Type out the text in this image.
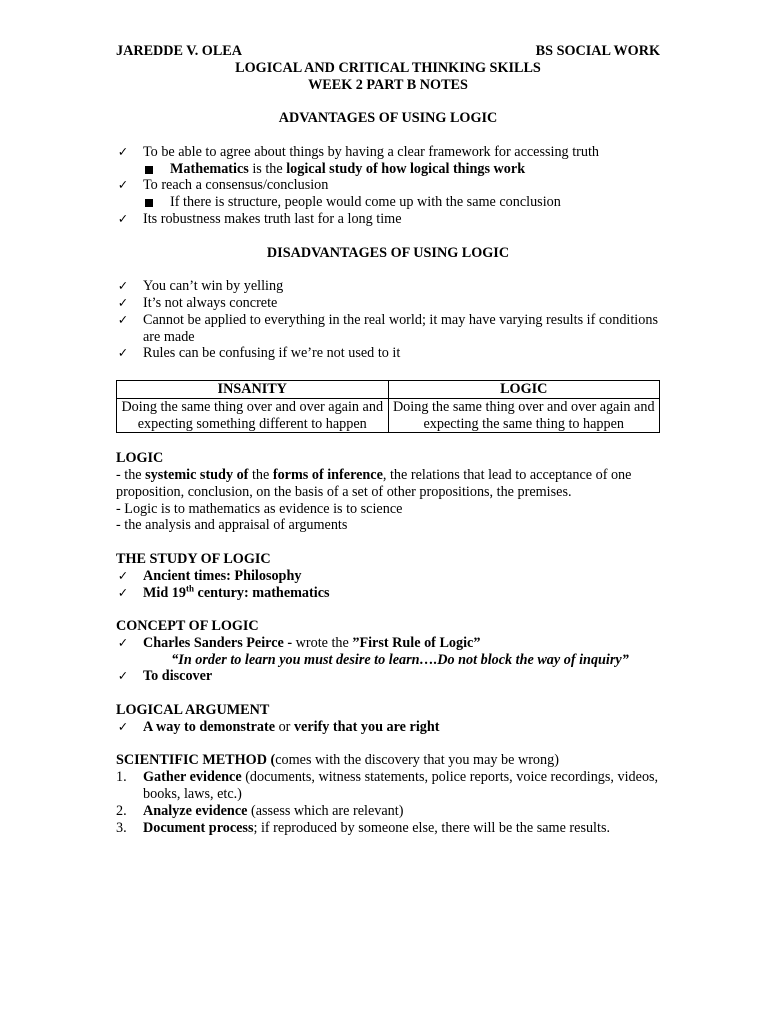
JAREDDE V. OLEA	BS SOCIAL WORK
LOGICAL AND CRITICAL THINKING SKILLS
WEEK 2 PART B NOTES
ADVANTAGES OF USING LOGIC
✓ To be able to agree about things by having a clear framework for accessing truth
Mathematics is the logical study of how logical things work
✓ To reach a consensus/conclusion
If there is structure, people would come up with the same conclusion
✓ Its robustness makes truth last for a long time
DISADVANTAGES OF USING LOGIC
✓ You can’t win by yelling
✓ It’s not always concrete
✓ Cannot be applied to everything in the real world; it may have varying results if conditions are made
✓ Rules can be confusing if we’re not used to it
INSANITY	LOGIC
Doing the same thing over and over again and expecting something different to happen	Doing the same thing over and over again and expecting the same thing to happen
LOGIC
- the systemic study of the forms of inference, the relations that lead to acceptance of one proposition, conclusion, on the basis of a set of other propositions, the premises.
- Logic is to mathematics as evidence is to science
- the analysis and appraisal of arguments
THE STUDY OF LOGIC
✓ Ancient times: Philosophy
✓ Mid 19th century: mathematics
CONCEPT OF LOGIC
✓ Charles Sanders Peirce - wrote the ”First Rule of Logic”
“In order to learn you must desire to learn….Do not block the way of inquiry”
✓ To discover
LOGICAL ARGUMENT
✓ A way to demonstrate or verify that you are right
SCIENTIFIC METHOD (comes with the discovery that you may be wrong)
1. Gather evidence (documents, witness statements, police reports, voice recordings, videos, books, laws, etc.)
2. Analyze evidence (assess which are relevant)
3. Document process; if reproduced by someone else, there will be the same results.
